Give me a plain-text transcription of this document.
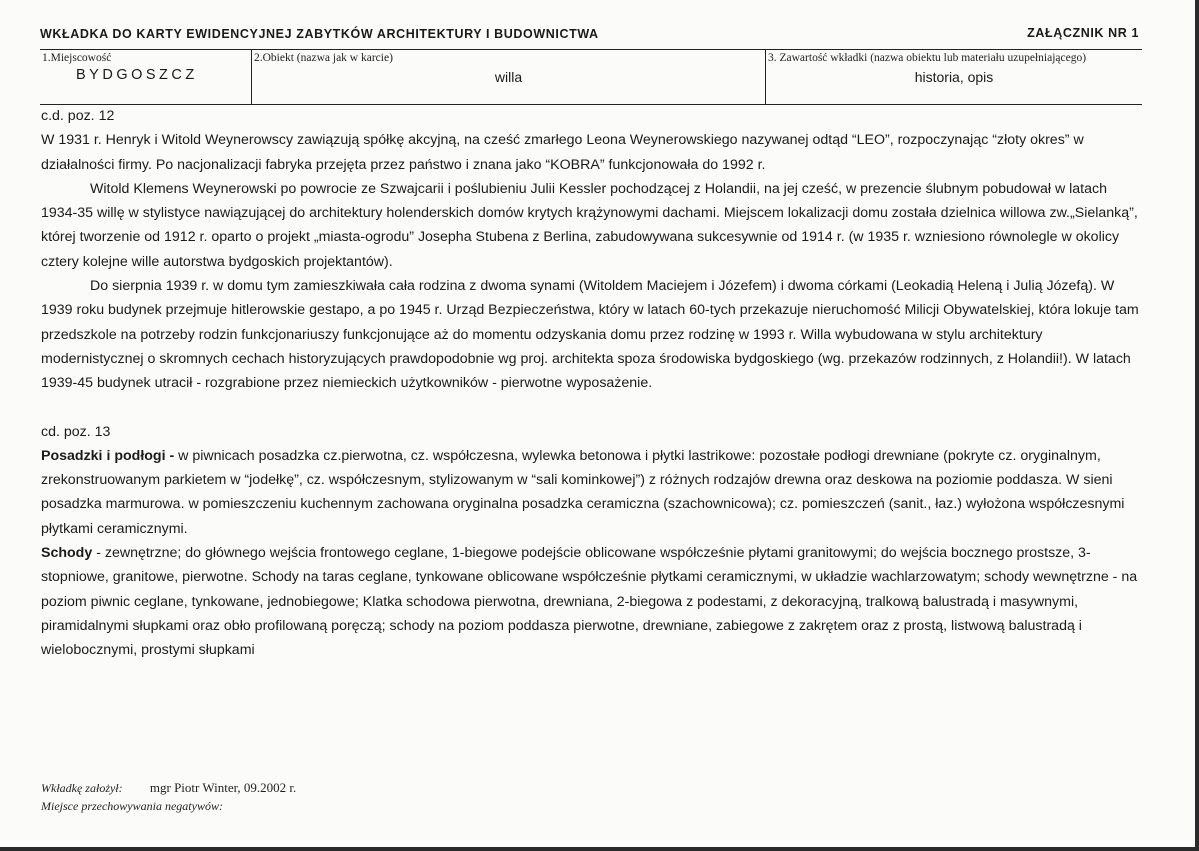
WKŁADKA DO KARTY EWIDENCYJNEJ ZABYTKÓW ARCHITEKTURY I BUDOWNICTWA	ZAŁĄCZNIK NR 1
1.Miejscowość
BYDGOSZCZ
2.Obiekt (nazwa jak w karcie)
willa
3. Zawartość wkładki (nazwa obiektu lub materiału uzupełniającego)
historia, opis

c.d. poz. 12

W 1931 r. Henryk i Witold Weynerowscy zawiązują spółkę akcyjną, na cześć zmarłego Leona Weynerowskiego nazywanej odtąd “LEO”, rozpoczynając “złoty okres” w działalności firmy. Po nacjonalizacji fabryka przejęta przez państwo i znana jako “KOBRA” funkcjonowała do 1992 r.

Witold Klemens Weynerowski po powrocie ze Szwajcarii i poślubieniu Julii Kessler pochodzącej z Holandii, na jej cześć, w prezencie ślubnym pobudował w latach 1934-35 willę w stylistyce nawiązującej do architektury holenderskich domów krytych krążynowymi dachami. Miejscem lokalizacji domu została dzielnica willowa zw.„Sielanką”, której tworzenie od 1912 r. oparto o projekt „miasta-ogrodu” Josepha Stubena z Berlina, zabudowywana sukcesywnie od 1914 r. (w 1935 r. wzniesiono równolegle w okolicy cztery kolejne wille autorstwa bydgoskich projektantów).

Do sierpnia 1939 r. w domu tym zamieszkiwała cała rodzina z dwoma synami (Witoldem Maciejem i Józefem) i dwoma córkami (Leokadią Heleną i Julią Józefą). W 1939 roku budynek przejmuje hitlerowskie gestapo, a po 1945 r. Urząd Bezpieczeństwa, który w latach 60-tych przekazuje nieruchomość Milicji Obywatelskiej, która lokuje tam przedszkole na potrzeby rodzin funkcjonariuszy funkcjonujące aż do momentu odzyskania domu przez rodzinę w 1993 r. Willa wybudowana w stylu architektury modernistycznej o skromnych cechach historyzujących prawdopodobnie wg proj. architekta spoza środowiska bydgoskiego (wg. przekazów rodzinnych, z Holandii!). W latach 1939-45 budynek utracił - rozgrabione przez niemieckich użytkowników - pierwotne wyposażenie.

cd. poz. 13

Posadzki i podłogi - w piwnicach posadzka cz.pierwotna, cz. współczesna, wylewka betonowa i płytki lastrikowe: pozostałe podłogi drewniane (pokryte cz. oryginalnym, zrekonstruowanym parkietem w “jodełkę”, cz. współczesnym, stylizowanym w “sali kominkowej”) z różnych rodzajów drewna oraz deskowa na poziomie poddasza. W sieni posadzka marmurowa. w pomieszczeniu kuchennym zachowana oryginalna posadzka ceramiczna (szachownicowa); cz. pomieszczeń (sanit., łaz.) wyłożona współczesnymi płytkami ceramicznymi.

Schody - zewnętrzne; do głównego wejścia frontowego ceglane, 1-biegowe podejście oblicowane współcześnie płytami granitowymi; do wejścia bocznego prostsze, 3-stopniowe, granitowe, pierwotne. Schody na taras ceglane, tynkowane oblicowane współcześnie płytkami ceramicznymi, w układzie wachlarzowatym; schody wewnętrzne - na poziom piwnic ceglane, tynkowane, jednobiegowe; Klatka schodowa pierwotna, drewniana, 2-biegowa z podestami, z dekoracyjną, tralkową balustradą i masywnymi, piramidalnymi słupkami oraz obło profilowaną poręczą; schody na poziom poddasza pierwotne, drewniane, zabiegowe z zakrętem oraz z prostą, listwową balustradą i wielobocznymi, prostymi słupkami

Wkładkę założył: mgr Piotr Winter, 09.2002 r.
Miejsce przechowywania negatywów:
